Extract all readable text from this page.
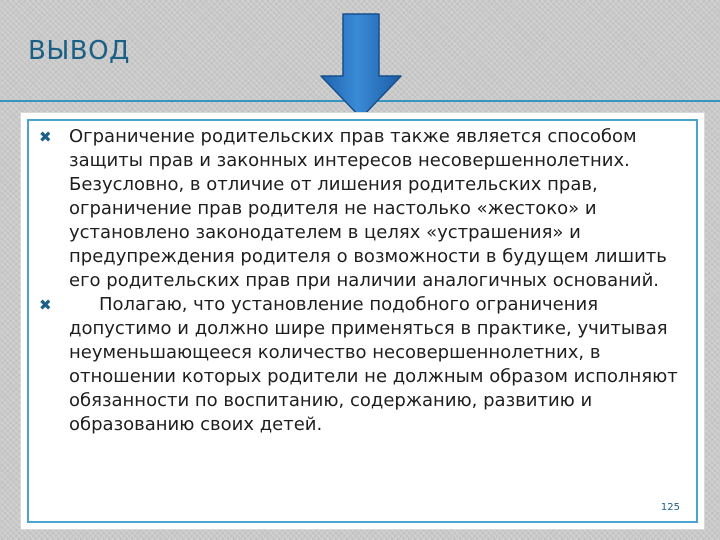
ВЫВОД
✖ Ограничение родительских прав также является способом защиты прав и законных интересов несовершеннолетних. Безусловно, в отличие от лишения родительских прав, ограничение прав родителя не настолько «жестоко» и установлено законодателем в целях «устрашения» и предупреждения родителя о возможности в будущем лишить его родительских прав при наличии аналогичных оснований.
✖	Полагаю, что установление подобного ограничения допустимо и должно шире применяться в практике, учитывая неуменьшающееся количество несовершеннолетних, в отношении которых родители не должным образом исполняют обязанности по воспитанию, содержанию, развитию и образованию своих детей.
125
